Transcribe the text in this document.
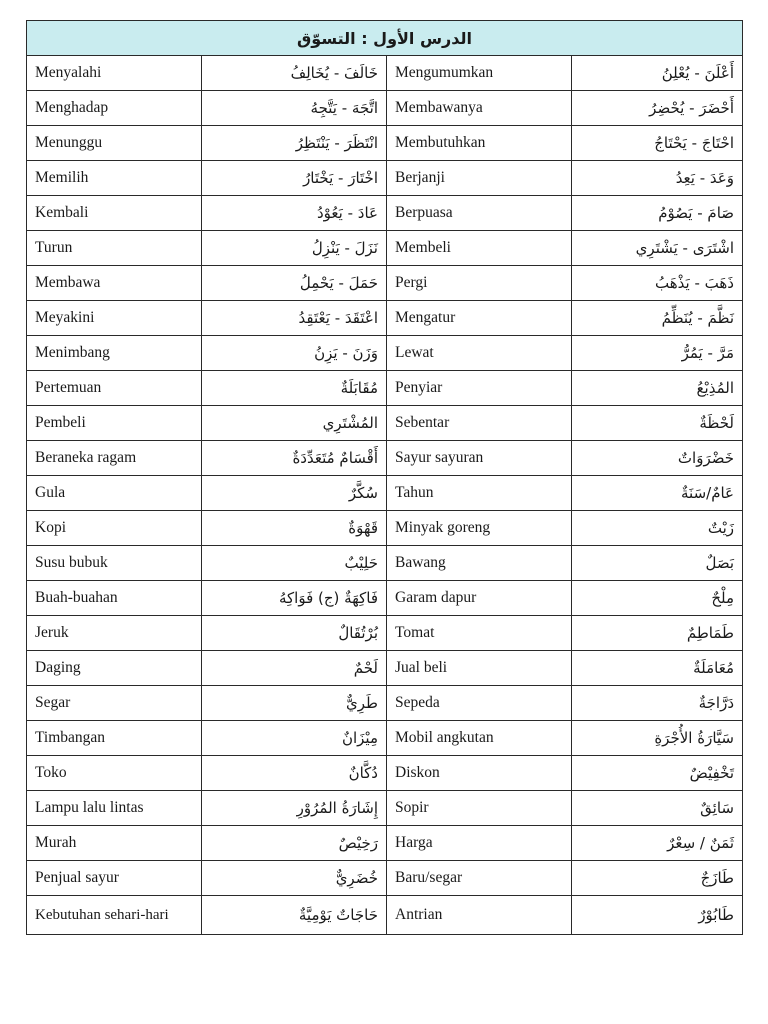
الدرس الأول : التسوّق			
Menyalahi	خَالَفَ - يُخَالِفُ	Mengumumkan	أَعْلَنَ - يُعْلِنُ
Menghadap	اتَّجَهَ - يَتَّجِهُ	Membawanya	أَحْضَرَ - يُحْضِرُ
Menunggu	انْتَظَرَ - يَنْتَظِرُ	Membutuhkan	احْتَاجَ - يَحْتَاجُ
Memilih	اخْتَارَ - يَخْتَارُ	Berjanji	وَعَدَ - يَعِدُ
Kembali	عَادَ - يَعُوْدُ	Berpuasa	صَامَ - يَصُوْمُ
Turun	نَزَلَ - يَنْزِلُ	Membeli	اشْتَرَى - يَشْتَرِي
Membawa	حَمَلَ - يَحْمِلُ	Pergi	ذَهَبَ - يَذْهَبُ
Meyakini	اعْتَقَدَ - يَعْتَقِدُ	Mengatur	نَظَّمَ - يُنَظِّمُ
Menimbang	وَزَنَ - يَزِنُ	Lewat	مَرَّ - يَمُرُّ
Pertemuan	مُقَابَلَةٌ	Penyiar	المُذِيْعُ
Pembeli	المُشْتَرِي	Sebentar	لَحْظَةٌ
Beraneka ragam	أَقْسَامٌ مُتَعَدِّدَةٌ	Sayur sayuran	خَضْرَوَاتٌ
Gula	سُكَّرٌ	Tahun	عَامٌ/سَنَةٌ
Kopi	قَهْوَةٌ	Minyak goreng	زَيْتٌ
Susu bubuk	حَلِيْبٌ	Bawang	بَصَلٌ
Buah-buahan	فَاكِهَةٌ (ج) فَوَاكِهُ	Garam dapur	مِلْحٌ
Jeruk	بُرْتُقَالٌ	Tomat	طَمَاطِمٌ
Daging	لَحْمٌ	Jual beli	مُعَامَلَةٌ
Segar	طَرِيٌّ	Sepeda	دَرَّاجَةٌ
Timbangan	مِيْزَانٌ	Mobil angkutan	سَيَّارَةُ الأُجْرَةِ
Toko	دُكَّانٌ	Diskon	تَخْفِيْضٌ
Lampu lalu lintas	إِشَارَةُ المُرُوْرِ	Sopir	سَائِقٌ
Murah	رَخِيْصٌ	Harga	ثَمَنٌ / سِعْرٌ
Penjual sayur	خُضَرِيٌّ	Baru/segar	طَازَجٌ
Kebutuhan sehari-hari	حَاجَاتٌ يَوْمِيَّةٌ	Antrian	طَابُوْرٌ
